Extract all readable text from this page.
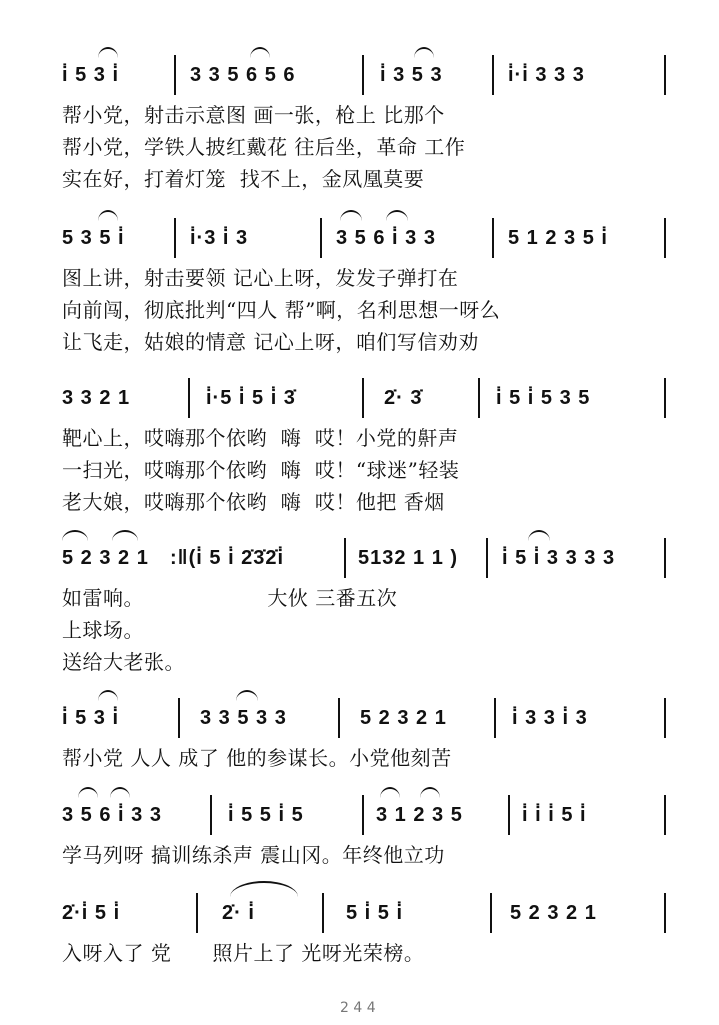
i̇ 5 3 i̇	3 3 5 6 5 6	i̇ 3 5 3	i̇·i̇ 3 3 3
帮小党，射击示意图 画一张，枪上 比那个
帮小党，学铁人披红戴花 往后坐，革命 工作
实在好，打着灯笼  找不上，金凤凰莫要
5 3 5 i̇	i̇·3 i̇ 3	3 5 6 i̇ 3 3	5 1 2 3 5 i̇
图上讲，射击要领 记心上呀，发发子弹打在
向前闯，彻底批判“四人 帮”啊，名利思想一呀么
让飞走，姑娘的情意 记心上呀，咱们写信劝劝
3 3 2 1	i̇·5 i̇ 5 i̇ 3̇	2̇· 3̇	i̇ 5 i̇ 5 3 5
靶心上，哎嗨那个依哟  嗨  哎！小党的鼾声
一扫光，哎嗨那个依哟  嗨  哎！“球迷”轻装
老大娘，哎嗨那个依哟  嗨  哎！他把 香烟
5 2 3 2 1 :‖(i̇ 5 i̇ 2̇3̇2̇i̇	5132 1 1 ) i̇ 5 i̇ 3 3 3 3
如雷响。                  大伙 三番五次
上球场。
送给大老张。
i̇ 5 3 i̇	3 3 5 3 3	5 2 3 2 1	i̇ 3 3 i̇ 3
帮小党 人人 成了 他的参谋长。小党他刻苦
3 5 6 i̇ 3 3	i̇ 5 5 i̇ 5	3 1 2 3 5	i̇ i̇ i̇ 5 i̇
学马列呀 搞训练杀声 震山冈。年终他立功
2̇·i̇ 5 i̇	2̇· i̇	5 i̇ 5 i̇	5 2 3 2 1
入呀入了 党      照片上了 光呀光荣榜。
2 4 4
